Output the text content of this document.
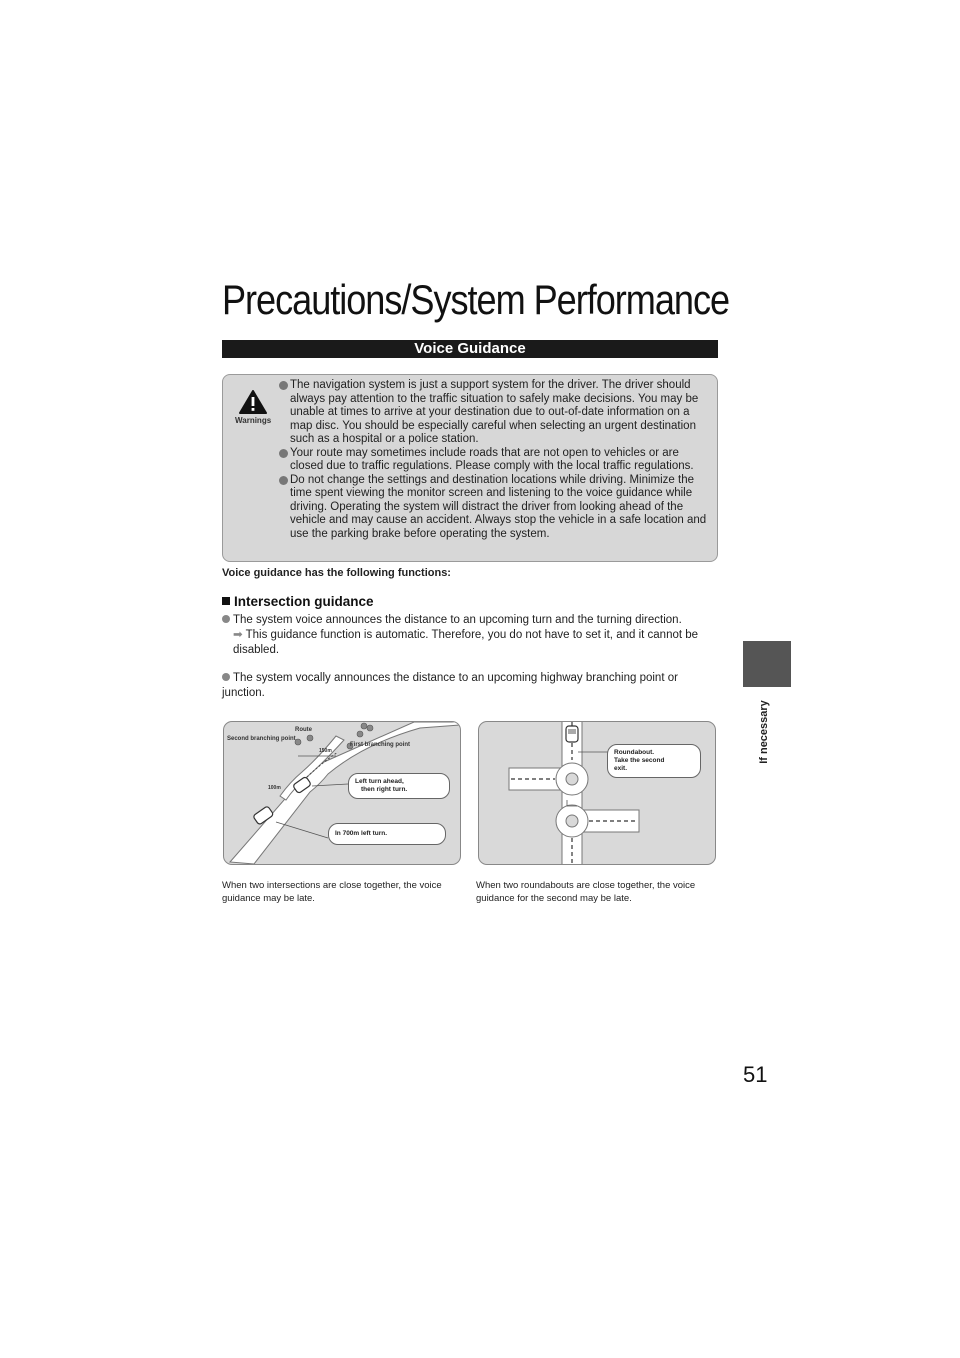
Precautions/System Performance
Voice Guidance
Warnings
The navigation system is just a support system for the driver. The driver should always pay attention to the traffic situation to safely make decisions. You may be unable at times to arrive at your destination due to out-of-date information on a map disc. You should be especially careful when selecting an urgent destination such as a hospital or a police station.
Your route may sometimes include roads that are not open to vehicles or are closed due to traffic regulations. Please comply with the local traffic regulations.
Do not change the settings and destination locations while driving. Minimize the time spent viewing the monitor screen and listening to the voice guidance while driving. Operating the system will distract the driver from looking ahead of the vehicle and may cause an accident. Always stop the vehicle in a safe location and use the parking brake before operating the system.
Voice guidance has the following functions:
Intersection guidance
The system voice announces the distance to an upcoming turn and the turning direction.
➡ This guidance function is automatic. Therefore, you do not have to set it, and it cannot be disabled.
The system vocally announces the distance to an upcoming highway branching point or junction.
Route
Second branching point
First branching point
150m
100m
Left turn ahead,
then right turn.
In 700m left turn.
Roundabout.
Take the second
exit.
When two intersections are close together, the voice guidance may be late.
When two roundabouts are close together, the voice guidance for the second may be late.
If necessary
51
